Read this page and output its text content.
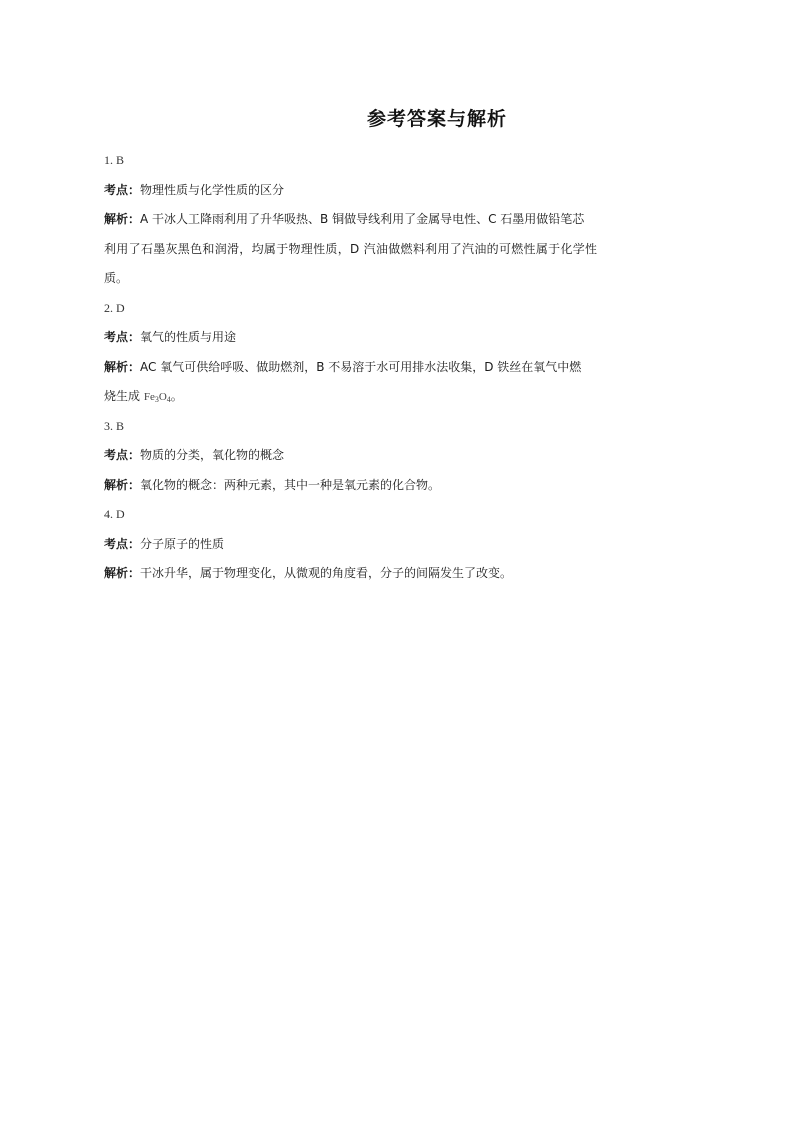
参考答案与解析
1. B
考点：物理性质与化学性质的区分
解析：A 干冰人工降雨利用了升华吸热、B 铜做导线利用了金属导电性、C 石墨用做铅笔芯
利用了石墨灰黑色和润滑，均属于物理性质，D 汽油做燃料利用了汽油的可燃性属于化学性
质。
2. D
考点：氧气的性质与用途
解析：AC 氧气可供给呼吸、做助燃剂，B 不易溶于水可用排水法收集，D 铁丝在氧气中燃
烧生成 $Fe_3O_4$。
3. B
考点：物质的分类，氧化物的概念
解析：氧化物的概念：两种元素，其中一种是氧元素的化合物。
4. D
考点：分子原子的性质
解析：干冰升华，属于物理变化，从微观的角度看，分子的间隔发生了改变。
